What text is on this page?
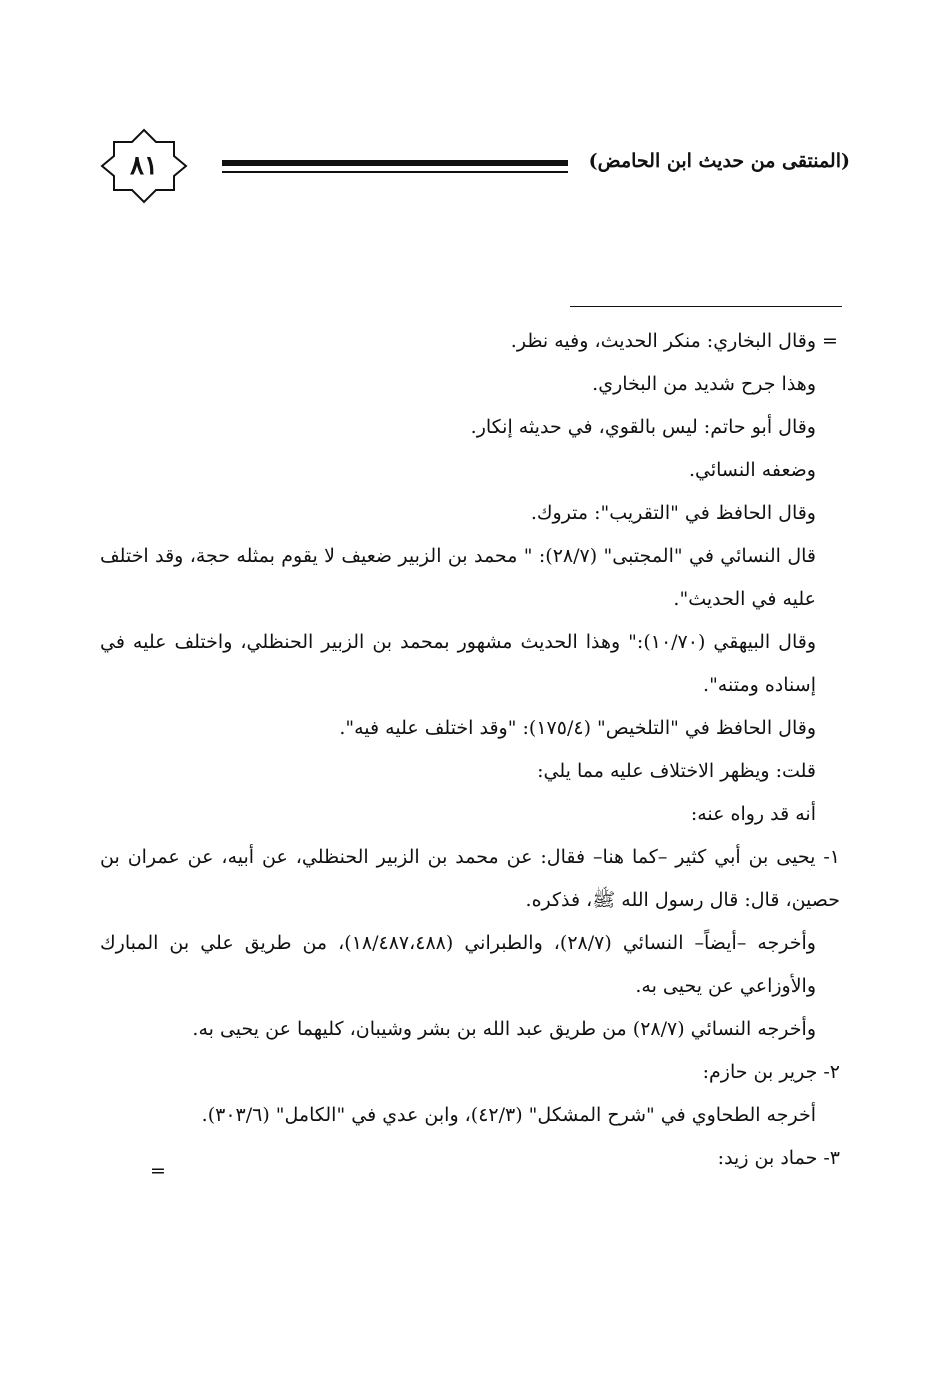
٨١	(المنتقى من حديث ابن الحامض)
=

وقال البخاري: منكر الحديث، وفيه نظر.

وهذا جرح شديد من البخاري.

وقال أبو حاتم: ليس بالقوي، في حديثه إنكار.

وضعفه النسائي.

وقال الحافظ في "التقريب": متروك.

قال النسائي في "المجتبى" (٢٨/٧): " محمد بن الزبير ضعيف لا يقوم بمثله حجة، وقد اختلف عليه في الحديث".

وقال البيهقي (١٠/٧٠):" وهذا الحديث مشهور بمحمد بن الزبير الحنظلي، واختلف عليه في إسناده ومتنه".

وقال الحافظ في "التلخيص" (١٧٥/٤): "وقد اختلف عليه فيه".

قلت: ويظهر الاختلاف عليه مما يلي:

أنه قد رواه عنه:

١- يحيى بن أبي كثير –كما هنا– فقال: عن محمد بن الزبير الحنظلي، عن أبيه، عن عمران بن حصين، قال: قال رسول الله ﷺ، فذكره.

وأخرجه –أيضاً– النسائي (٢٨/٧)، والطبراني (١٨/٤٨٧،٤٨٨)، من طريق علي بن المبارك والأوزاعي عن يحيى به.

وأخرجه النسائي (٢٨/٧) من طريق عبد الله بن بشر وشيبان، كليهما عن يحيى به.

٢- جرير بن حازم:

أخرجه الطحاوي في "شرح المشكل" (٤٢/٣)، وابن عدي في "الكامل" (٣٠٣/٦).

٣- حماد بن زيد:

=
